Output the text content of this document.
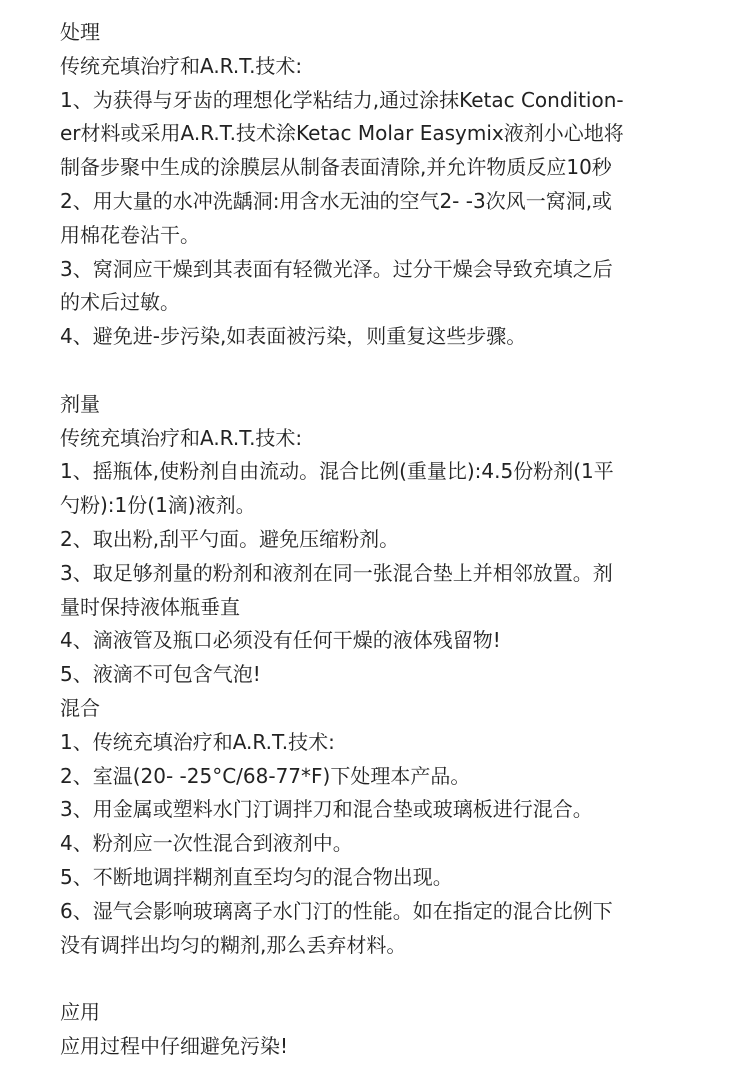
处理
传统充填治疗和A.R.T.技术:
1、为获得与牙齿的理想化学粘结力,通过涂抹Ketac Condition-
er材料或采用A.R.T.技术涂Ketac Molar Easymix液剂小心地将
制备步聚中生成的涂膜层从制备表面清除,并允许物质反应10秒
2、用大量的水冲洗龋洞:用含水无油的空气2- -3次风一窝洞,或
用棉花卷沾干。
3、窝洞应干燥到其表面有轻微光泽。过分干燥会导致充填之后
的术后过敏。
4、避免进-步污染,如表面被污染，则重复这些步骤。
剂量
传统充填治疗和A.R.T.技术:
1、摇瓶体,使粉剂自由流动。混合比例(重量比):4.5份粉剂(1平
勺粉):1份(1滴)液剂。
2、取出粉,刮平勺面。避免压缩粉剂。
3、取足够剂量的粉剂和液剂在同一张混合垫上并相邻放置。剂
量时保持液体瓶垂直
4、滴液管及瓶口必须没有任何干燥的液体残留物!
5、液滴不可包含气泡!
混合
1、传统充填治疗和A.R.T.技术:
2、室温(20- -25°C/68-77*F)下处理本产品。
3、用金属或塑料水门汀调拌刀和混合垫或玻璃板进行混合。
4、粉剂应一次性混合到液剂中。
5、不断地调拌糊剂直至均匀的混合物出现。
6、湿气会影响玻璃离子水门汀的性能。如在指定的混合比例下
没有调拌出均匀的糊剂,那么丢弃材料。
应用
应用过程中仔细避免污染!
